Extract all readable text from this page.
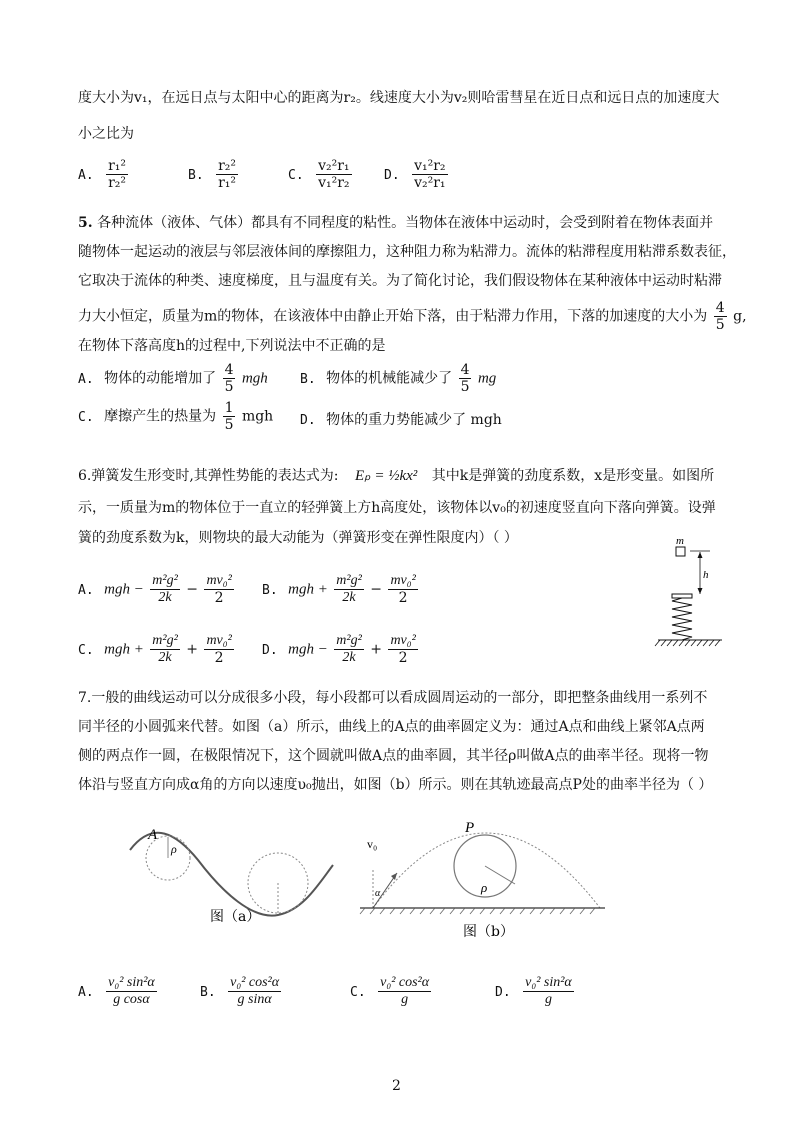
度大小为v₁，在远日点与太阳中心的距离为r₂。线速度大小为v₂则哈雷彗星在近日点和远日点的加速度大
小之比为
A. $\frac{\text{r₁²}}{\text{r₂²}}$	B. $\frac{\text{r₂²}}{\text{r₁²}}$	C. $\frac{\text{v₂²r₁}}{\text{v₁²r₂}} D$. $\frac{\text{v₁²r₂}}{\text{v₂²r₁}}$
5. 各种流体（液体、气体）都具有不同程度的粘性。当物体在液体中运动时，会受到附着在物体表面并
随物体一起运动的液层与邻层液体间的摩擦阻力，这种阻力称为粘滞力。流体的粘滞程度用粘滞系数表征，
它取决于流体的种类、速度梯度，且与温度有关。为了简化讨论，我们假设物体在某种液体中运动时粘滞
力大小恒定，质量为m的物体，在该液体中由静止开始下落，由于粘滞力作用，下落的加速度的大小为 $\frac{4}{5} g$,
在物体下落高度h的过程中,下列说法中不正确的是
A. 物体的动能增加了 $\frac{4}{5}$ mgh B. 物体的机械能减少了 $\frac{4}{5}$ mg
C. 摩擦产生的热量为 $\frac{1}{5}$ mgh D. 物体的重力势能减少了 mgh
6.弹簧发生形变时,其弹性势能的表达式为: Eₚ = ½kx² 其中k是弹簧的劲度系数，x是形变量。如图所
示，一质量为m的物体位于一直立的轻弹簧上方h高度处，该物体以v₀的初速度竖直向下落向弹簧。设弹
簧的劲度系数为k，则物块的最大动能为（弹簧形变在弹性限度内）（ ）
A. mgh − $\frac{\text{m²g²}}{2k} - \frac{\text{mv₀²}}{2} B$. mgh + $\frac{\text{m²g²}}{2k} - \frac{\text{mv₀²}}{2}$
C. mgh + $\frac{\text{m²g²}}{2k} + \frac{\text{mv₀²}}{2} D$. mgh − $\frac{\text{m²g²}}{2k} + \frac{\text{mv₀²}}{2}$
m
h
7.一般的曲线运动可以分成很多小段，每小段都可以看成圆周运动的一部分，即把整条曲线用一系列不
同半径的小圆弧来代替。如图（a）所示，曲线上的A点的曲率圆定义为：通过A点和曲线上紧邻A点两
侧的两点作一圆，在极限情况下，这个圆就叫做A点的曲率圆，其半径ρ叫做A点的曲率半径。现将一物
体沿与竖直方向成α角的方向以速度υ₀抛出，如图（b）所示。则在其轨迹最高点P处的曲率半径为（ ）
A
ρ
图（a）
P
ρ
v₀
α
图（b）
A. $\frac{\text{v₀² sin²α}}{\text{g cosα}}$	B. $\frac{\text{v₀² cos²α}}{\text{g sinα}}$	C. $\frac{\text{v₀² cos²α}}{g}$	D. $\frac{\text{v₀² sin²α}}{g}$
2
